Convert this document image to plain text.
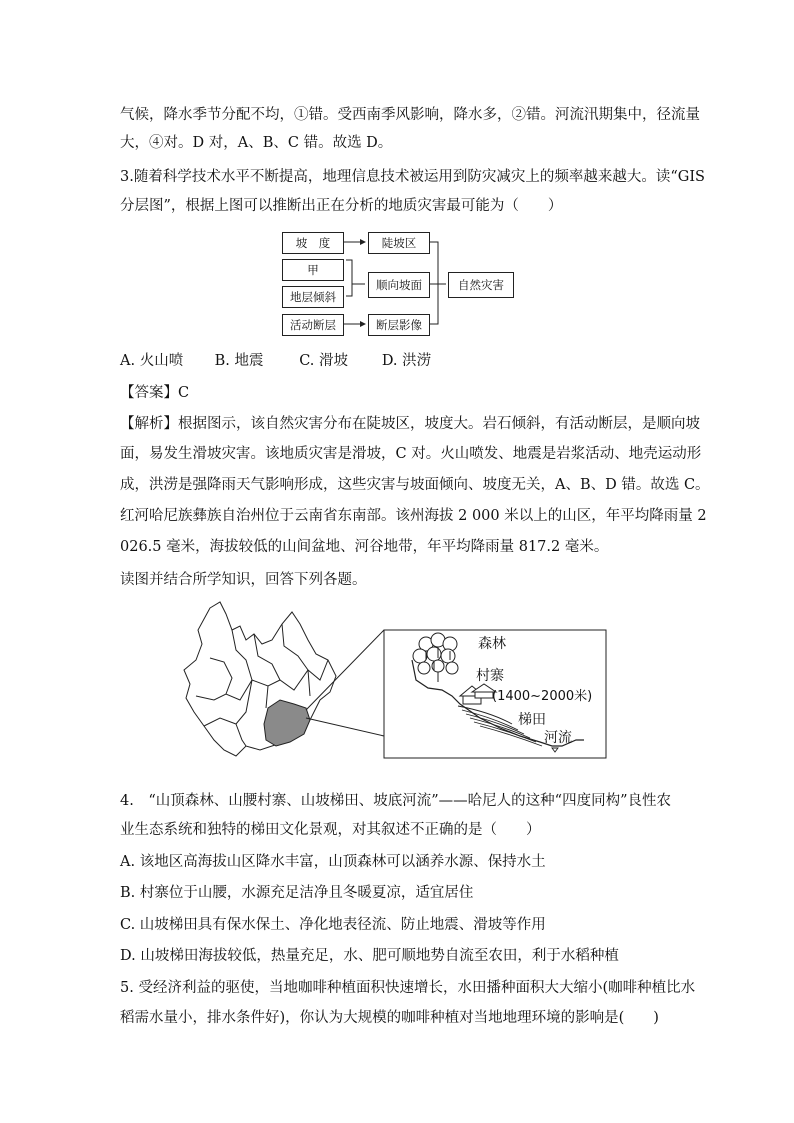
气候，降水季节分配不均，①错。受西南季风影响，降水多，②错。河流汛期集中，径流量
大，④对。D 对，A、B、C 错。故选 D。
3.随着科学技术水平不断提高，地理信息技术被运用到防灾减灾上的频率越来越大。读“GIS
分层图”，根据上图可以推断出正在分析的地质灾害最可能为（　　）
坡　度	陡坡区
甲
地层倾斜
顺向坡面	自然灾害
活动断层	断层影像
A. 火山喷 B. 地震 C. 滑坡 D. 洪涝
【答案】C
【解析】根据图示，该自然灾害分布在陡坡区，坡度大。岩石倾斜，有活动断层，是顺向坡
面，易发生滑坡灾害。该地质灾害是滑坡，C 对。火山喷发、地震是岩浆活动、地壳运动形
成，洪涝是强降雨天气影响形成，这些灾害与坡面倾向、坡度无关，A、B、D 错。故选 C。
红河哈尼族彝族自治州位于云南省东南部。该州海拔 2 000 米以上的山区，年平均降雨量 2
026.5 毫米，海拔较低的山间盆地、河谷地带，年平均降雨量 817.2 毫米。
读图并结合所学知识，回答下列各题。
森林
村寨
(1400~2000米)
梯田
河流
4.　“山顶森林、山腰村寨、山坡梯田、坡底河流”——哈尼人的这种“四度同构”良性农
业生态系统和独特的梯田文化景观，对其叙述不正确的是（　　）
A. 该地区高海拔山区降水丰富，山顶森林可以涵养水源、保持水土
B. 村寨位于山腰，水源充足洁净且冬暖夏凉，适宜居住
C. 山坡梯田具有保水保土、净化地表径流、防止地震、滑坡等作用
D. 山坡梯田海拔较低，热量充足，水、肥可顺地势自流至农田，利于水稻种植
5. 受经济利益的驱使，当地咖啡种植面积快速增长，水田播种面积大大缩小(咖啡种植比水
稻需水量小，排水条件好)，你认为大规模的咖啡种植对当地地理环境的影响是(　　)
